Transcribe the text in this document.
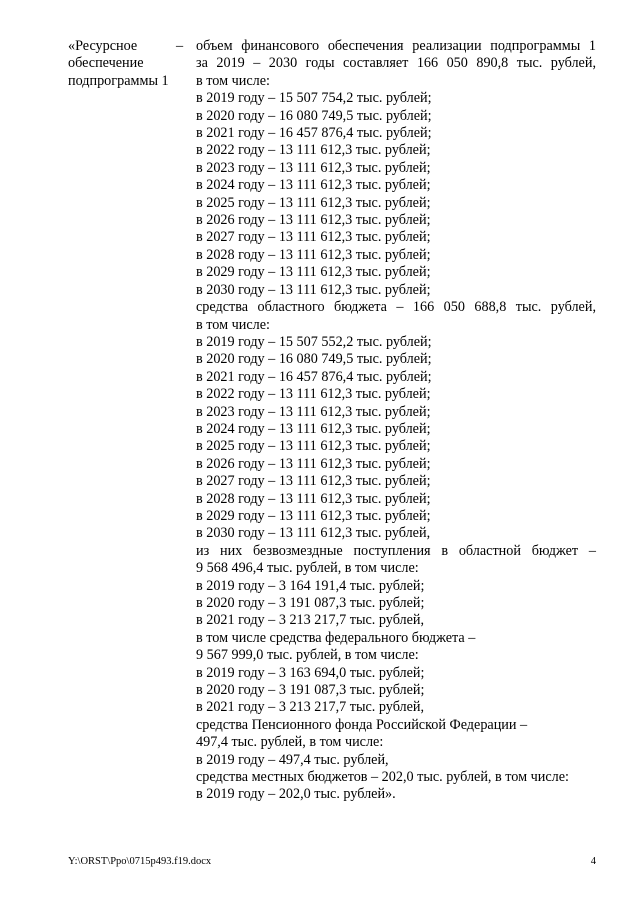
«Ресурсное
обеспечение
подпрограммы 1
– объем финансового обеспечения реализации подпрограммы 1
за 2019 – 2030 годы составляет 166 050 890,8 тыс. рублей,
в том числе:
в 2019 году – 15 507 754,2 тыс. рублей;
в 2020 году – 16 080 749,5 тыс. рублей;
в 2021 году – 16 457 876,4 тыс. рублей;
в 2022 году – 13 111 612,3 тыс. рублей;
в 2023 году – 13 111 612,3 тыс. рублей;
в 2024 году – 13 111 612,3 тыс. рублей;
в 2025 году – 13 111 612,3 тыс. рублей;
в 2026 году – 13 111 612,3 тыс. рублей;
в 2027 году – 13 111 612,3 тыс. рублей;
в 2028 году – 13 111 612,3 тыс. рублей;
в 2029 году – 13 111 612,3 тыс. рублей;
в 2030 году – 13 111 612,3 тыс. рублей;
средства областного бюджета – 166 050 688,8 тыс. рублей,
в том числе:
в 2019 году – 15 507 552,2 тыс. рублей;
в 2020 году – 16 080 749,5 тыс. рублей;
в 2021 году – 16 457 876,4 тыс. рублей;
в 2022 году – 13 111 612,3 тыс. рублей;
в 2023 году – 13 111 612,3 тыс. рублей;
в 2024 году – 13 111 612,3 тыс. рублей;
в 2025 году – 13 111 612,3 тыс. рублей;
в 2026 году – 13 111 612,3 тыс. рублей;
в 2027 году – 13 111 612,3 тыс. рублей;
в 2028 году – 13 111 612,3 тыс. рублей;
в 2029 году – 13 111 612,3 тыс. рублей;
в 2030 году – 13 111 612,3 тыс. рублей,
из них безвозмездные поступления в областной бюджет –
9 568 496,4 тыс. рублей, в том числе:
в 2019 году – 3 164 191,4 тыс. рублей;
в 2020 году – 3 191 087,3 тыс. рублей;
в 2021 году – 3 213 217,7 тыс. рублей,
в том числе средства федерального бюджета –
9 567 999,0 тыс. рублей, в том числе:
в 2019 году – 3 163 694,0 тыс. рублей;
в 2020 году – 3 191 087,3 тыс. рублей;
в 2021 году – 3 213 217,7 тыс. рублей,
средства Пенсионного фонда Российской Федерации –
497,4 тыс. рублей, в том числе:
в 2019 году – 497,4 тыс. рублей,
средства местных бюджетов – 202,0 тыс. рублей, в том числе:
в 2019 году – 202,0 тыс. рублей».
Y:\ORST\Ppo\0715p493.f19.docx	4
